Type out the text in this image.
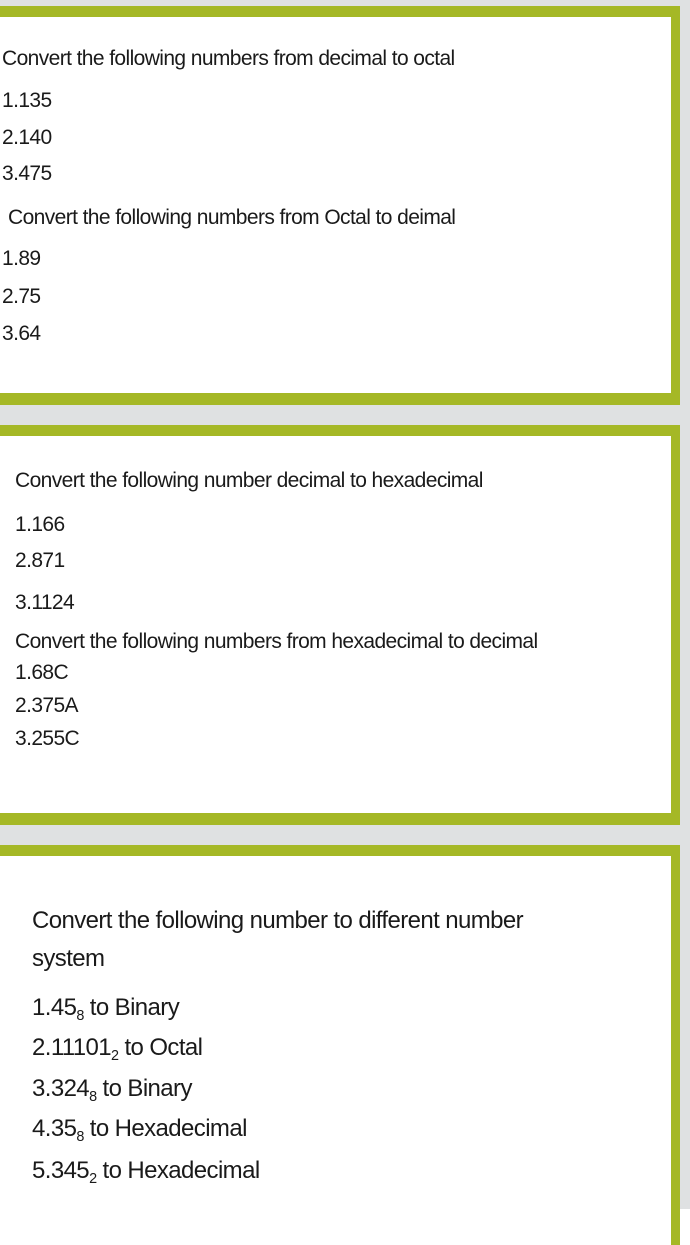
Convert the following numbers from decimal to octal
1.135
2.140
3.475
Convert the following numbers from Octal to deimal
1.89
2.75
3.64
Convert the following number decimal to hexadecimal
1.166
2.871
3.1124
Convert the following numbers from hexadecimal to decimal
1.68C
2.375A
3.255C
Convert the following number to different number
system
$1.45_8$ to Binary
$2.11101_2$ to Octal
$3.324_8$ to Binary
$4.35_8$ to Hexadecimal
$5.345_2$ to Hexadecimal
